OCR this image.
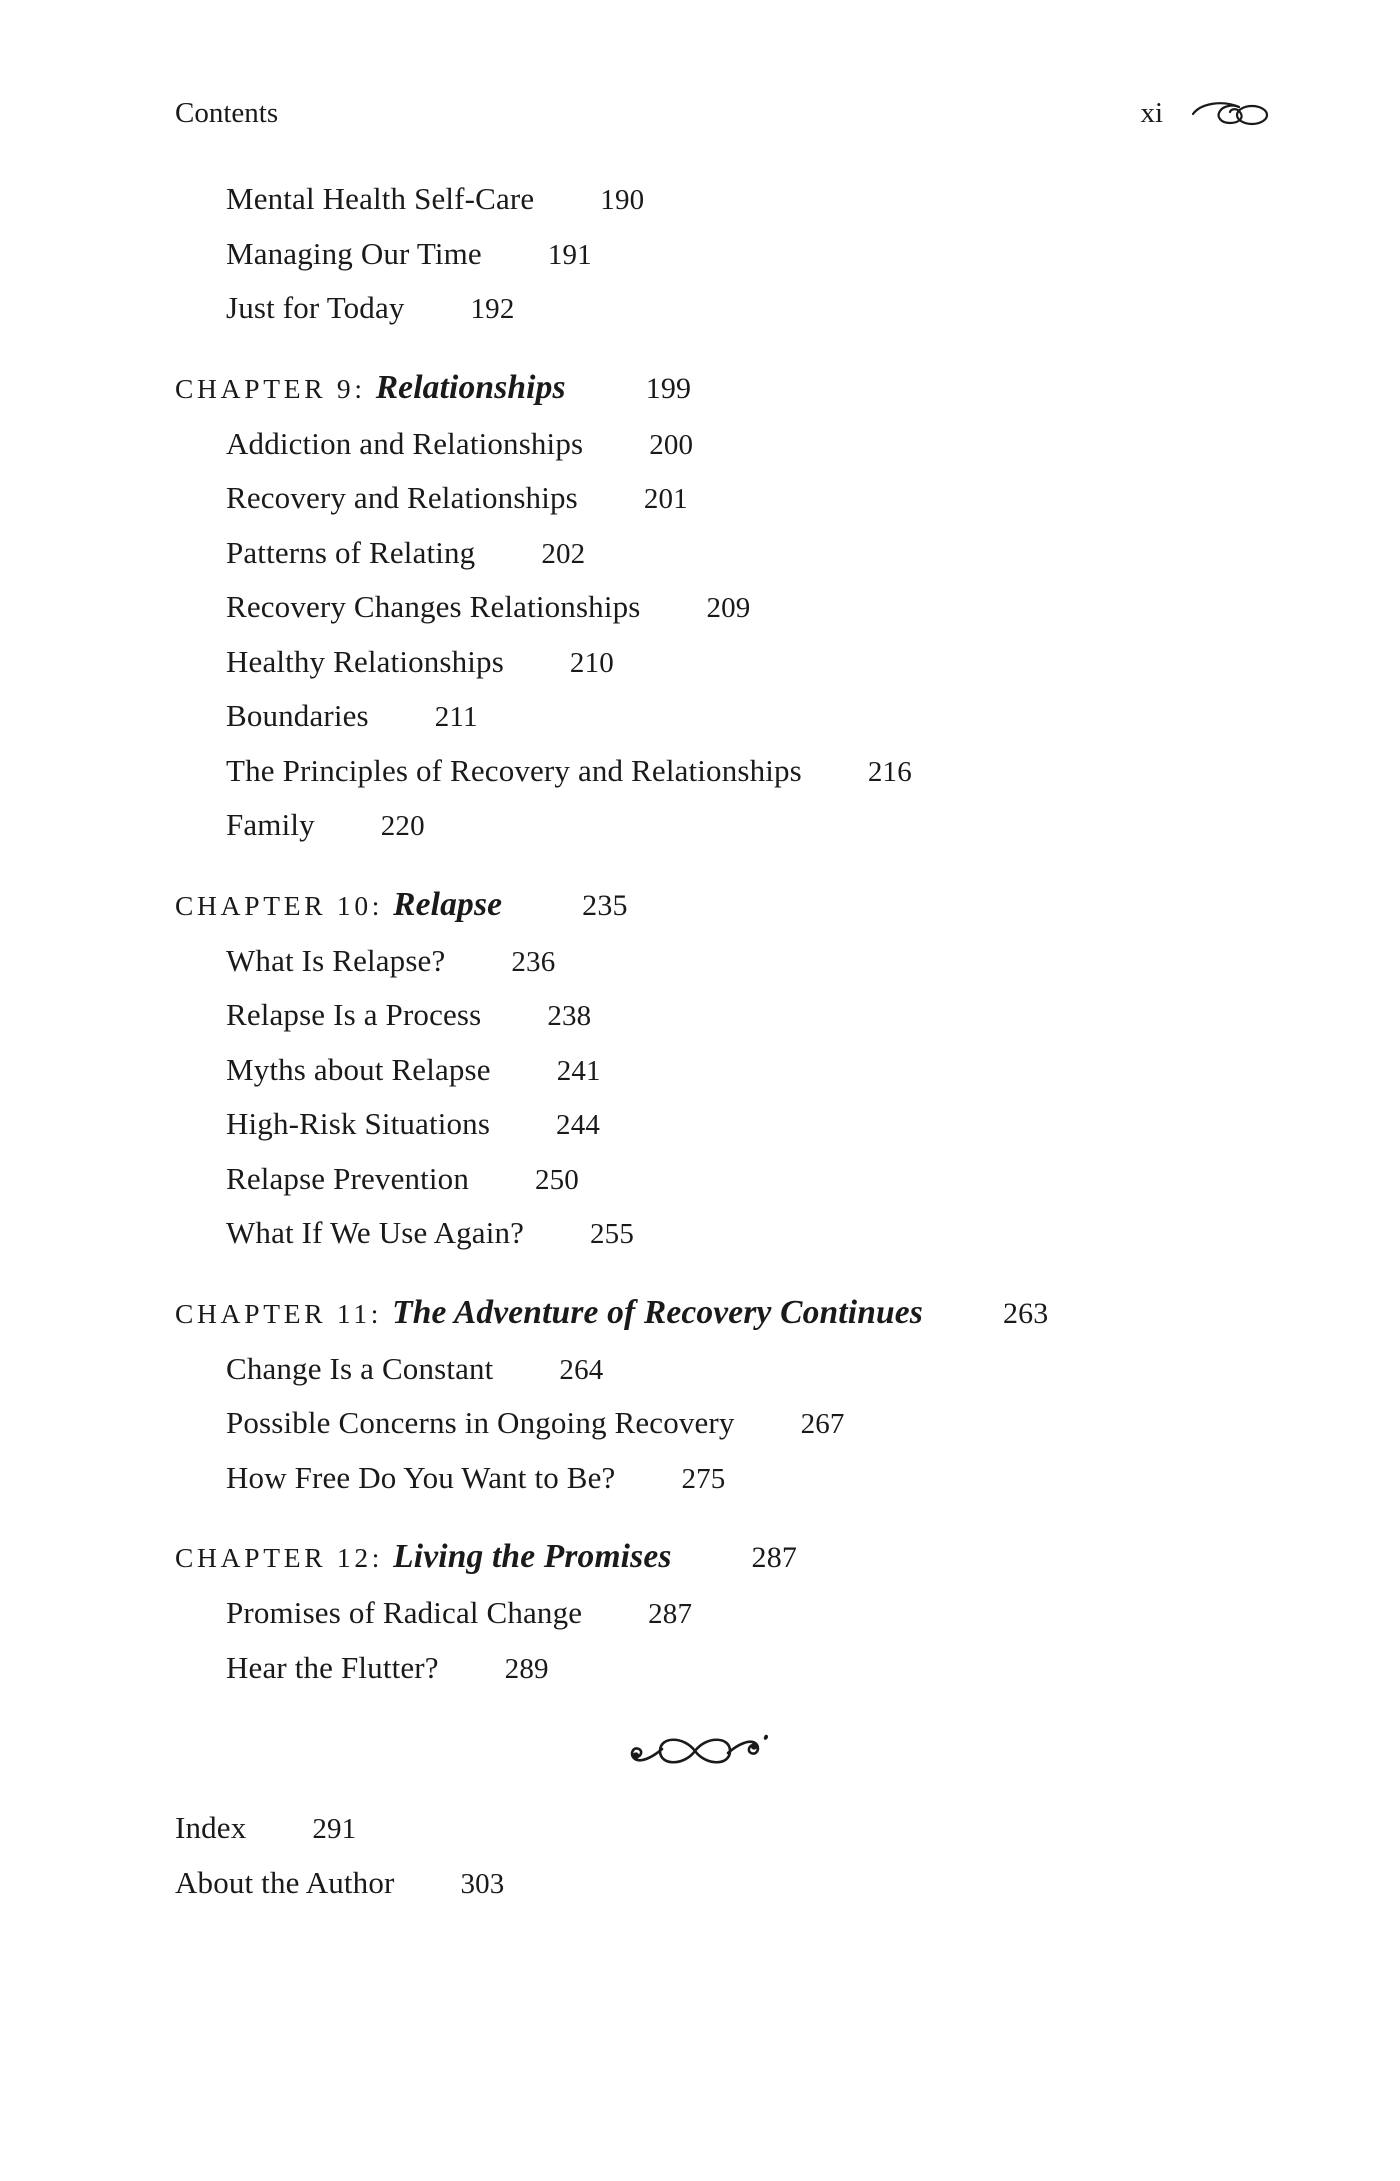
Contents	xi
Mental Health Self-Care 190
Managing Our Time 191
Just for Today 192
CHAPTER 9: Relationships	199
Addiction and Relationships 200
Recovery and Relationships 201
Patterns of Relating 202
Recovery Changes Relationships 209
Healthy Relationships 210
Boundaries 211
The Principles of Recovery and Relationships 216
Family 220
CHAPTER 10: Relapse	235
What Is Relapse? 236
Relapse Is a Process 238
Myths about Relapse 241
High-Risk Situations 244
Relapse Prevention 250
What If We Use Again? 255
CHAPTER 11: The Adventure of Recovery Continues	263
Change Is a Constant 264
Possible Concerns in Ongoing Recovery 267
How Free Do You Want to Be? 275
CHAPTER 12: Living the Promises	287
Promises of Radical Change 287
Hear the Flutter? 289
Index 291
About the Author 303
